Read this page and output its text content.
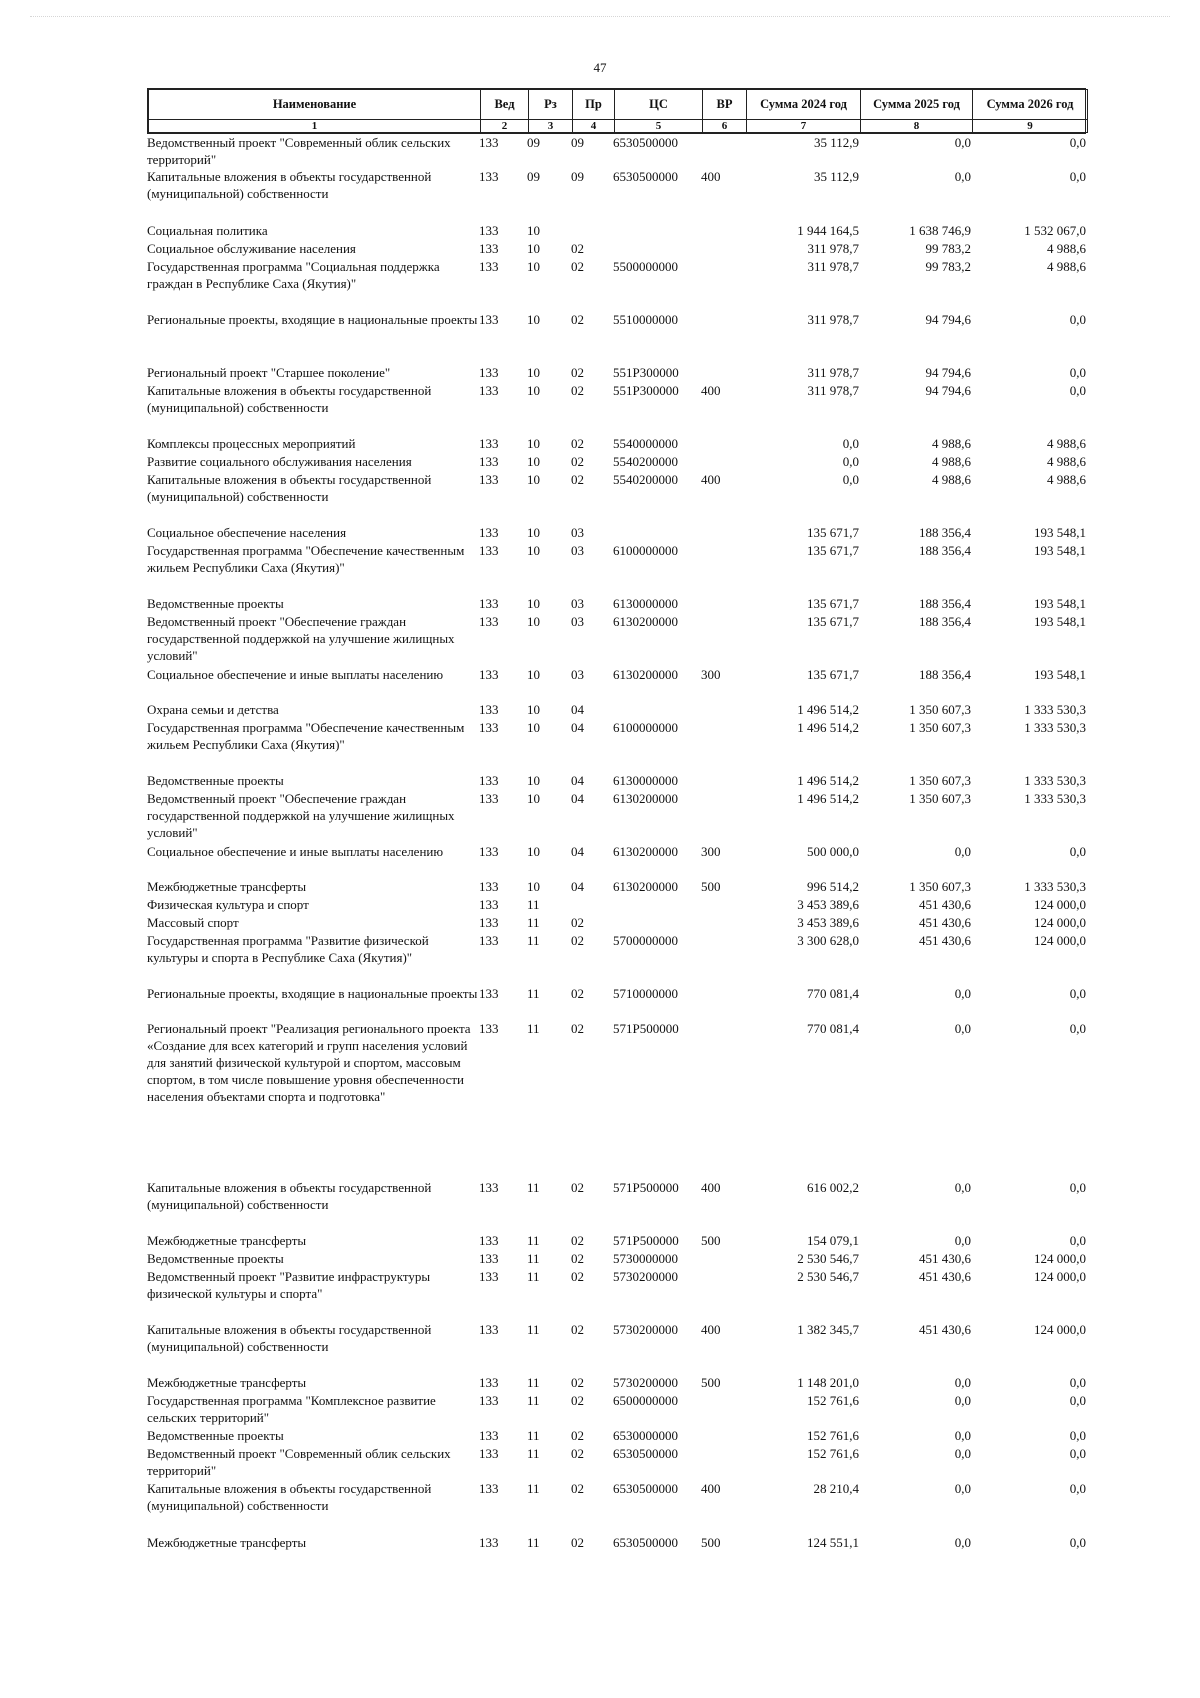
47
Наименование	Вед	Рз	Пр	ЦС	ВР	Сумма 2024 год	Сумма 2025 год	Сумма 2026 год
1	2	3	4	5	6	7	8	9
Ведомственный проект "Современный облик сельских территорий"	133	09	09	6530500000		35 112,9	0,0	0,0
Капитальные вложения в объекты государственной (муниципальной) собственности	133	09	09	6530500000	400	35 112,9	0,0	0,0
Социальная политика	133	10				1 944 164,5	1 638 746,9	1 532 067,0
Социальное обслуживание населения	133	10	02			311 978,7	99 783,2	4 988,6
Государственная программа "Социальная поддержка граждан в Республике Саха (Якутия)"	133	10	02	5500000000		311 978,7	99 783,2	4 988,6
Региональные проекты, входящие в национальные проекты	133	10	02	5510000000		311 978,7	94 794,6	0,0
Региональный проект "Старшее поколение"	133	10	02	551P300000		311 978,7	94 794,6	0,0
Капитальные вложения в объекты государственной (муниципальной) собственности	133	10	02	551P300000	400	311 978,7	94 794,6	0,0
Комплексы процессных мероприятий	133	10	02	5540000000		0,0	4 988,6	4 988,6
Развитие социального обслуживания населения	133	10	02	5540200000		0,0	4 988,6	4 988,6
Капитальные вложения в объекты государственной (муниципальной) собственности	133	10	02	5540200000	400	0,0	4 988,6	4 988,6
Социальное обеспечение населения	133	10	03			135 671,7	188 356,4	193 548,1
Государственная программа "Обеспечение качественным жильем Республики Саха (Якутия)"	133	10	03	6100000000		135 671,7	188 356,4	193 548,1
Ведомственные проекты	133	10	03	6130000000		135 671,7	188 356,4	193 548,1
Ведомственный проект "Обеспечение граждан государственной поддержкой на улучшение жилищных условий"	133	10	03	6130200000		135 671,7	188 356,4	193 548,1
Социальное обеспечение и иные выплаты населению	133	10	03	6130200000	300	135 671,7	188 356,4	193 548,1
Охрана семьи и детства	133	10	04			1 496 514,2	1 350 607,3	1 333 530,3
Государственная программа "Обеспечение качественным жильем Республики Саха (Якутия)"	133	10	04	6100000000		1 496 514,2	1 350 607,3	1 333 530,3
Ведомственные проекты	133	10	04	6130000000		1 496 514,2	1 350 607,3	1 333 530,3
Ведомственный проект "Обеспечение граждан государственной поддержкой на улучшение жилищных условий"	133	10	04	6130200000		1 496 514,2	1 350 607,3	1 333 530,3
Социальное обеспечение и иные выплаты населению	133	10	04	6130200000	300	500 000,0	0,0	0,0
Межбюджетные трансферты	133	10	04	6130200000	500	996 514,2	1 350 607,3	1 333 530,3
Физическая культура и спорт	133	11				3 453 389,6	451 430,6	124 000,0
Массовый спорт	133	11	02			3 453 389,6	451 430,6	124 000,0
Государственная программа "Развитие физической культуры и спорта в Республике Саха (Якутия)"	133	11	02	5700000000		3 300 628,0	451 430,6	124 000,0
Региональные проекты, входящие в национальные проекты	133	11	02	5710000000		770 081,4	0,0	0,0
Региональный проект "Реализация регионального проекта «Создание для всех категорий и групп населения условий для занятий физической культурой и спортом, массовым спортом, в том числе повышение уровня обеспеченности населения объектами спорта и подготовка"	133	11	02	571P500000		770 081,4	0,0	0,0
Капитальные вложения в объекты государственной (муниципальной) собственности	133	11	02	571P500000	400	616 002,2	0,0	0,0
Межбюджетные трансферты	133	11	02	571P500000	500	154 079,1	0,0	0,0
Ведомственные проекты	133	11	02	5730000000		2 530 546,7	451 430,6	124 000,0
Ведомственный проект "Развитие инфраструктуры физической культуры и спорта"	133	11	02	5730200000		2 530 546,7	451 430,6	124 000,0
Капитальные вложения в объекты государственной (муниципальной) собственности	133	11	02	5730200000	400	1 382 345,7	451 430,6	124 000,0
Межбюджетные трансферты	133	11	02	5730200000	500	1 148 201,0	0,0	0,0
Государственная программа "Комплексное развитие сельских территорий"	133	11	02	6500000000		152 761,6	0,0	0,0
Ведомственные проекты	133	11	02	6530000000		152 761,6	0,0	0,0
Ведомственный проект "Современный облик сельских территорий"	133	11	02	6530500000		152 761,6	0,0	0,0
Капитальные вложения в объекты государственной (муниципальной) собственности	133	11	02	6530500000	400	28 210,4	0,0	0,0
Межбюджетные трансферты	133	11	02	6530500000	500	124 551,1	0,0	0,0
